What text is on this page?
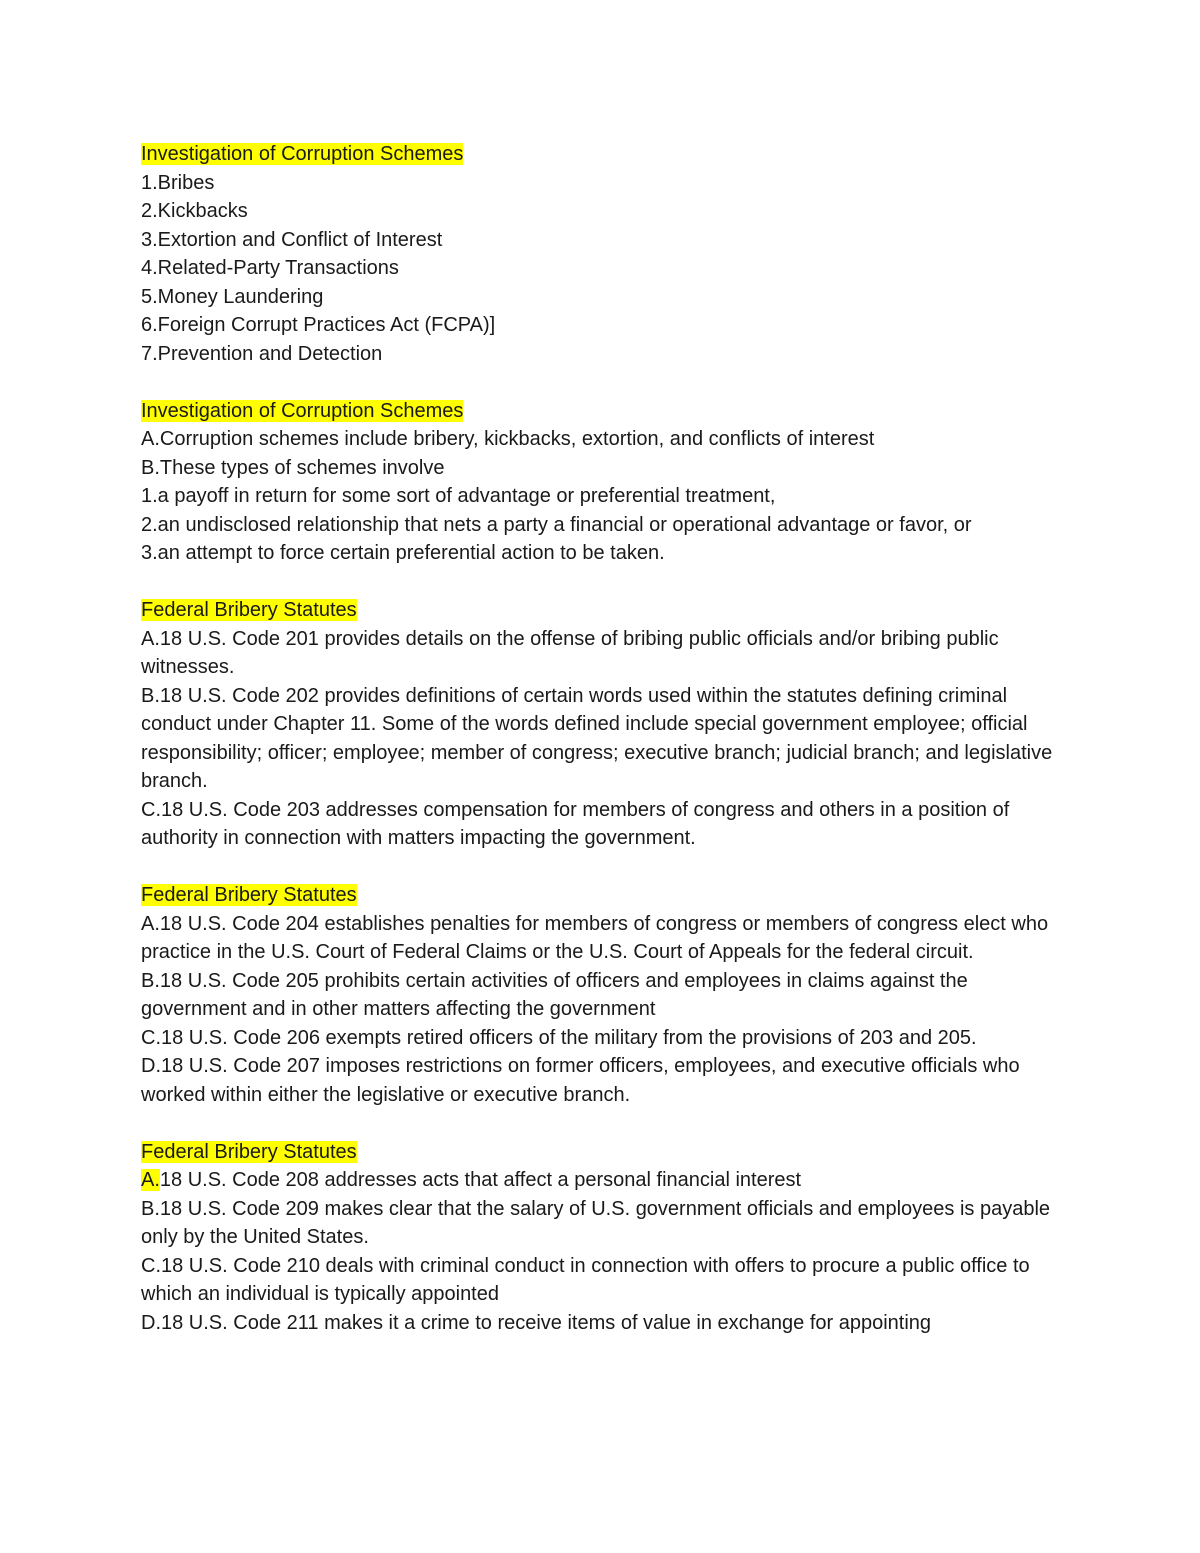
Investigation of Corruption Schemes
1.Bribes
2.Kickbacks
3.Extortion and Conflict of Interest
4.Related-Party Transactions
5.Money Laundering
6.Foreign Corrupt Practices Act (FCPA)]
7.Prevention and Detection
Investigation of Corruption Schemes
A.Corruption schemes include bribery, kickbacks, extortion, and conflicts of interest
B.These types of schemes involve
1.a payoff in return for some sort of advantage or preferential treatment,
2.an undisclosed relationship that nets a party a financial or operational advantage or favor, or
3.an attempt to force certain preferential action to be taken.
Federal Bribery Statutes
A.18 U.S. Code 201 provides details on the offense of bribing public officials and/or bribing public witnesses.
B.18 U.S. Code 202 provides definitions of certain words used within the statutes defining criminal conduct under Chapter 11. Some of the words defined include special government employee; official responsibility; officer; employee; member of congress; executive branch; judicial branch; and legislative branch.
C.18 U.S. Code 203 addresses compensation for members of congress and others in a position of authority in connection with matters impacting the government.
Federal Bribery Statutes
A.18 U.S. Code 204 establishes penalties for members of congress or members of congress elect who practice in the U.S. Court of Federal Claims or the U.S. Court of Appeals for the federal circuit.
B.18 U.S. Code 205 prohibits certain activities of officers and employees in claims against the government and in other matters affecting the government
C.18 U.S. Code 206 exempts retired officers of the military from the provisions of 203 and 205.
D.18 U.S. Code 207 imposes restrictions on former officers, employees, and executive officials who worked within either the legislative or executive branch.
Federal Bribery Statutes
A.18 U.S. Code 208 addresses acts that affect a personal financial interest
B.18 U.S. Code 209 makes clear that the salary of U.S. government officials and employees is payable only by the United States.
C.18 U.S. Code 210 deals with criminal conduct in connection with offers to procure a public office to which an individual is typically appointed
D.18 U.S. Code 211 makes it a crime to receive items of value in exchange for appointing
